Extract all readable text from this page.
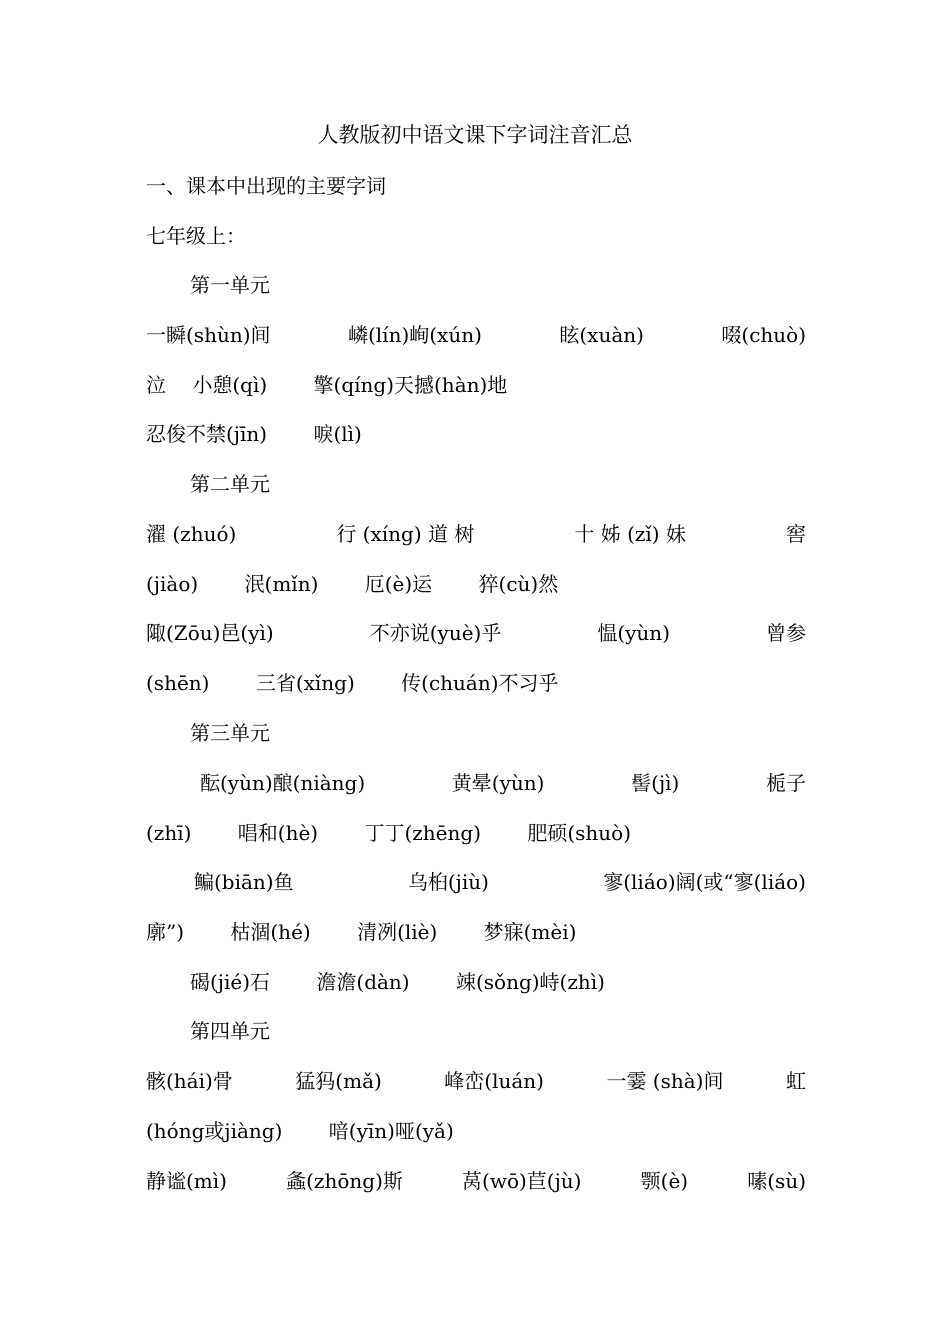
人教版初中语文课下字词注音汇总
一、课本中出现的主要字词
七年级上：
第一单元
一瞬(shùn)间	嶙(lín)峋(xún)	眩(xuàn)	啜(chuò)
泣　 小憩(qì)　　 擎(qíng)天撼(hàn)地
忍俊不禁(jīn)　　 唳(lì)
第二单元
濯 (zhuó)	行 (xíng) 道 树	十 姊 (zǐ) 妹	窖
(jiào)　　 泯(mǐn)　　 厄(è)运　　 猝(cù)然
陬(Zōu)邑(yì)	不亦说(yuè)乎	愠(yùn)	曾参
(shēn)　　 三省(xǐng)　　 传(chuán)不习乎
第三单元
酝(yùn)酿(niàng)	黄晕(yùn)	髻(jì)	栀子
(zhī)　　 唱和(hè)　　 丁丁(zhēng)　　 肥硕(shuò)
鳊(biān)鱼	乌桕(jiù)	寥(liáo)阔(或“寥(liáo)
廓”)　　 枯涸(hé)　　 清冽(liè)　　 梦寐(mèi)
碣(jié)石　　 澹澹(dàn)　　 竦(sǒng)峙(zhì)
第四单元
骸(hái)骨	猛犸(mǎ)	峰峦(luán)	一霎 (shà)间	虹
(hóng或jiàng)　　 喑(yīn)哑(yǎ)
静谧(mì)	螽(zhōng)斯	莴(wō)苣(jù)	颚(è)	嗉(sù)
